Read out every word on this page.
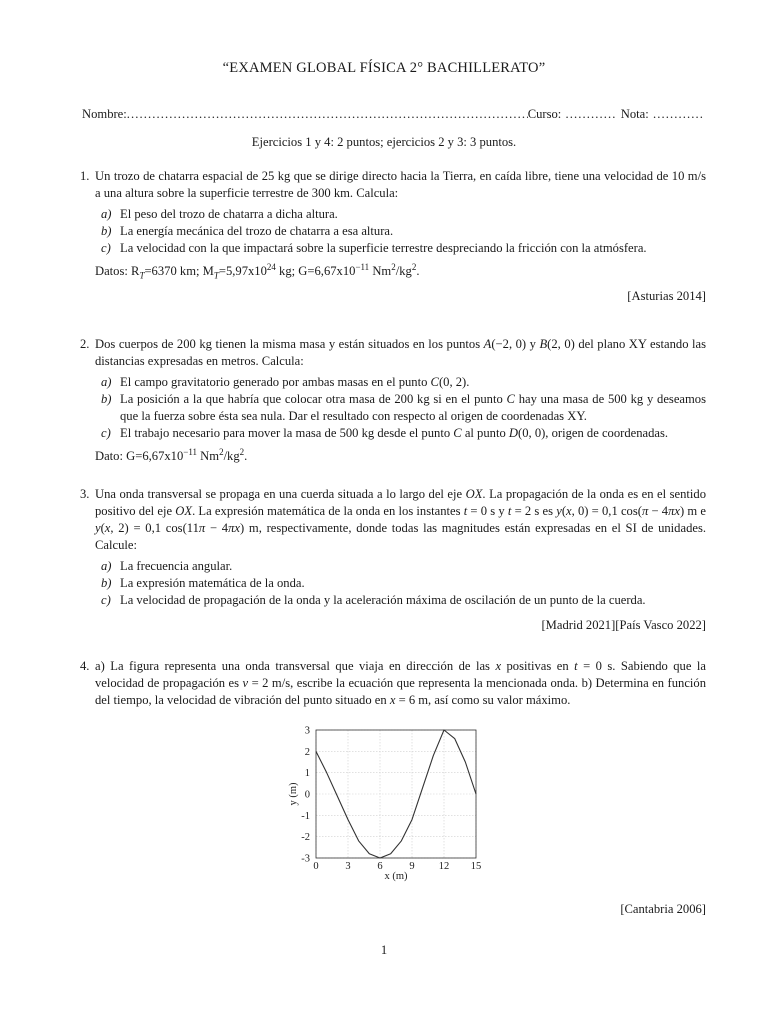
“EXAMEN GLOBAL FÍSICA 2° BACHILLERATO”
Nombre:
.....	Curso: ............ Nota: ............
Ejercicios 1 y 4: 2 puntos; ejercicios 2 y 3: 3 puntos.
1. Un trozo de chatarra espacial de 25 kg que se dirige directo hacia la Tierra, en caída libre, tiene una velocidad de 10 m/s a una altura sobre la superficie terrestre de 300 km. Calcula:
a) El peso del trozo de chatarra a dicha altura.
b) La energía mecánica del trozo de chatarra a esa altura.
c) La velocidad con la que impactará sobre la superficie terrestre despreciando la fricción con la atmósfera.
Datos: $R_T=6370$ km; $M_T=5,97x10^{24}$ kg; $G=6,67x10^{-11}$ $Nm^2/kg^2$.
[Asturias 2014]
2. Dos cuerpos de 200 kg tienen la misma masa y están situados en los puntos A(−2, 0) y B(2, 0) del plano XY estando las distancias expresadas en metros. Calcula:
a) El campo gravitatorio generado por ambas masas en el punto C(0, 2).
b) La posición a la que habría que colocar otra masa de 200 kg si en el punto C hay una masa de 500 kg y deseamos que la fuerza sobre ésta sea nula. Dar el resultado con respecto al origen de coordenadas XY.
c) El trabajo necesario para mover la masa de 500 kg desde el punto C al punto D(0, 0), origen de coordenadas.
Dato: $G=6,67x10^{-11}$ $Nm^2/kg^2$.
3. Una onda transversal se propaga en una cuerda situada a lo largo del eje OX. La propagación de la onda es en el sentido positivo del eje OX. La expresión matemática de la onda en los instantes t = 0 s y t = 2 s es y(x, 0) = 0,1 cos(π − 4πx) m e y(x, 2) = 0,1 cos(11π − 4πx) m, respectivamente, donde todas las magnitudes están expresadas en el SI de unidades. Calcule:
a) La frecuencia angular.
b) La expresión matemática de la onda.
c) La velocidad de propagación de la onda y la aceleración máxima de oscilación de un punto de la cuerda.
[Madrid 2021][País Vasco 2022]
4. a) La figura representa una onda transversal que viaja en dirección de las x positivas en t = 0 s. Sabiendo que la velocidad de propagación es v = 2 m/s, escribe la ecuación que representa la mencionada onda. b) Determina en función del tiempo, la velocidad de vibración del punto situado en x = 6 m, así como su valor máximo.
0	3	6	9 12 15
3
2
1
0
-1
-2
-3
x (m)
y (m)
[Cantabria 2006]
1
